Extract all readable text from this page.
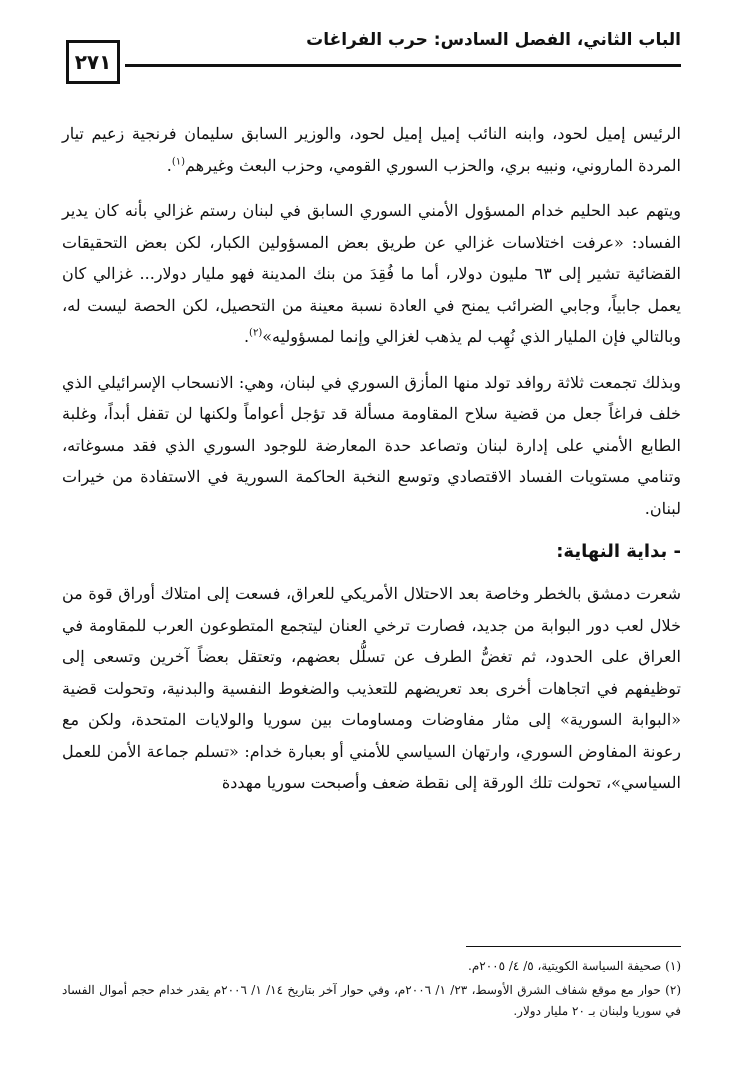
الباب الثاني، الفصل السادس: حرب الفراغات
٢٧١

الرئيس إميل لحود، وابنه النائب إميل إميل لحود، والوزير السابق سليمان فرنجية زعيم تيار المردة الماروني، ونبيه بري، والحزب السوري القومي، وحزب البعث وغيرهم$^{(١)}$.

ويتهم عبد الحليم خدام المسؤول الأمني السوري السابق في لبنان رستم غزالي بأنه كان يدير الفساد: «عرفت اختلاسات غزالي عن طريق بعض المسؤولين الكبار، لكن بعض التحقيقات القضائية تشير إلى ٦٣ مليون دولار، أما ما فُقِدَ من بنك المدينة فهو مليار دولار... غزالي كان يعمل جابياً، وجابي الضرائب يمنح في العادة نسبة معينة من التحصيل، لكن الحصة ليست له، وبالتالي فإن المليار الذي نُهِب لم يذهب لغزالي وإنما لمسؤوليه»$^{(٢)}$.

وبذلك تجمعت ثلاثة روافد تولد منها المأزق السوري في لبنان، وهي: الانسحاب الإسرائيلي الذي خلف فراغاً جعل من قضية سلاح المقاومة مسألة قد تؤجل أعواماً ولكنها لن تقفل أبداً، وغلبة الطابع الأمني على إدارة لبنان وتصاعد حدة المعارضة للوجود السوري الذي فقد مسوغاته، وتنامي مستويات الفساد الاقتصادي وتوسع النخبة الحاكمة السورية في الاستفادة من خيرات لبنان.

- بداية النهاية:

شعرت دمشق بالخطر وخاصة بعد الاحتلال الأمريكي للعراق، فسعت إلى امتلاك أوراق قوة من خلال لعب دور البوابة من جديد، فصارت ترخي العنان ليتجمع المتطوعون العرب للمقاومة في العراق على الحدود، ثم تغضُّ الطرف عن تسلُّل بعضهم، وتعتقل بعضاً آخرين وتسعى إلى توظيفهم في اتجاهات أخرى بعد تعريضهم للتعذيب والضغوط النفسية والبدنية، وتحولت قضية «البوابة السورية» إلى مثار مفاوضات ومساومات بين سوريا والولايات المتحدة، ولكن مع رعونة المفاوض السوري، وارتهان السياسي للأمني أو بعبارة خدام: «تسلم جماعة الأمن للعمل السياسي»، تحولت تلك الورقة إلى نقطة ضعف وأصبحت سوريا مهددة

(١) صحيفة السياسة الكويتية، ٥/ ٤/ ٢٠٠٥م.

(٢) حوار مع موقع شفاف الشرق الأوسط، ٢٣/ ١/ ٢٠٠٦م، وفي حوار آخر بتاريخ ١٤/ ١/ ٢٠٠٦م يقدر خدام حجم أموال الفساد في سوريا ولبنان بـ ٢٠ مليار دولار.
